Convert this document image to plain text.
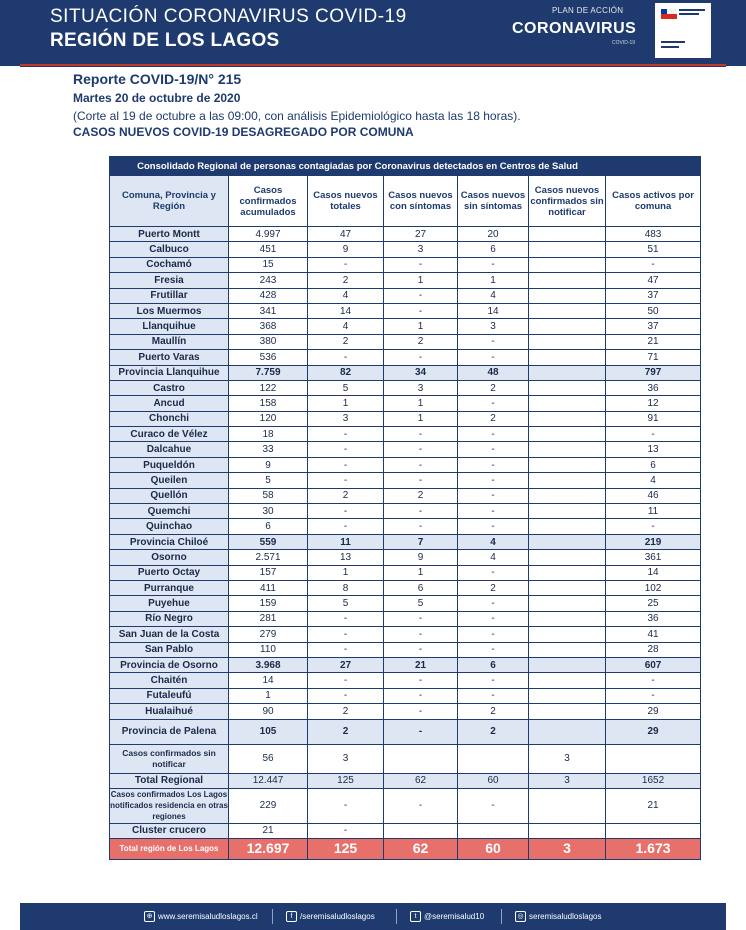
SITUACIÓN CORONAVIRUS COVID-19
REGIÓN DE LOS LAGOS
PLAN DE ACCIÓN
CORONAVIRUS
COVID-19
Reporte COVID-19/N° 215
Martes 20 de octubre de 2020
(Corte al 19 de octubre a las 09:00, con análisis Epidemiológico hasta las 18 horas).
CASOS NUEVOS COVID-19 DESAGREGADO POR COMUNA
Consolidado Regional de personas contagiadas por Coronavirus detectados en Centros de Salud						
Comuna, Provincia y Región	Casos confirmados acumulados	Casos nuevos totales	Casos nuevos con síntomas	Casos nuevos sin síntomas	Casos nuevos confirmados sin notificar	Casos activos por comuna
Puerto Montt	4.997	47	27	20		483
Calbuco	451	9	3	6		51
Cochamó	15	-	-	-		-
Fresia	243	2	1	1		47
Frutillar	428	4	-	4		37
Los Muermos	341	14	-	14		50
Llanquihue	368	4	1	3		37
Maullín	380	2	2	-		21
Puerto Varas	536	-	-	-		71
Provincia Llanquihue	7.759	82	34	48		797
Castro	122	5	3	2		36
Ancud	158	1	1	-		12
Chonchi	120	3	1	2		91
Curaco de Vélez	18	-	-	-		-
Dalcahue	33	-	-	-		13
Puqueldón	9	-	-	-		6
Queilen	5	-	-	-		4
Quellón	58	2	2	-		46
Quemchi	30	-	-	-		11
Quinchao	6	-	-	-		-
Provincia Chiloé	559	11	7	4		219
Osorno	2.571	13	9	4		361
Puerto Octay	157	1	1	-		14
Purranque	411	8	6	2		102
Puyehue	159	5	5	-		25
Río Negro	281	-	-	-		36
San Juan de la Costa	279	-	-	-		41
San Pablo	110	-	-	-		28
Provincia de Osorno	3.968	27	21	6		607
Chaitén	14	-	-	-		-
Futaleufú	1	-	-	-		-
Hualaihué	90	2	-	2		29
Provincia de Palena	105	2	-	2		29
Casos confirmados sin notificar	56	3			3	
Total Regional	12.447	125	62	60	3	1652
Casos confirmados Los Lagos notificados residencia en otras regiones	229	-	-	-		21
Cluster crucero	21	-				
Total región de Los Lagos	12.697	125	62	60	3	1.673
⊕ www.seremisaludloslagos.cl	f /seremisaludloslagos	t @seremisalud10	◎ seremisaludloslagos
